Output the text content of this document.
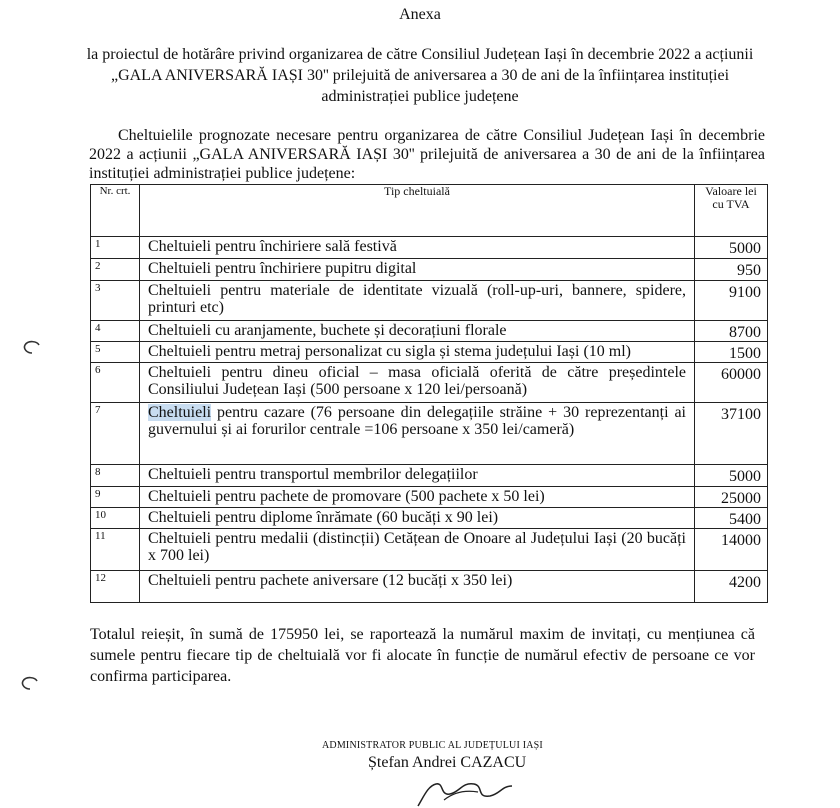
Anexa
la proiectul de hotărâre privind organizarea de către Consiliul Județean Iași în decembrie 2022 a acțiunii „GALA ANIVERSARĂ IAȘI 30'' prilejuită de aniversarea a 30 de ani de la înființarea instituției administrației publice județene
Cheltuielile prognozate necesare pentru organizarea de către Consiliul Județean Iași în decembrie 2022 a acțiunii „GALA ANIVERSARĂ IAȘI 30'' prilejuită de aniversarea a 30 de ani de la înființarea instituției administrației publice județene:
Nr. crt.	Tip cheltuială	Valoare lei cu TVA
1	Cheltuieli pentru închiriere sală festivă	5000
2	Cheltuieli pentru închiriere pupitru digital	950
3	Cheltuieli pentru materiale de identitate vizuală (roll-up-uri, bannere, spidere, printuri etc)	9100
4	Cheltuieli cu aranjamente, buchete și decorațiuni florale	8700
5	Cheltuieli pentru metraj personalizat cu sigla și stema județului Iași (10 ml)	1500
6	Cheltuieli pentru dineu oficial – masa oficială oferită de către președintele Consiliului Județean Iași (500 persoane x 120 lei/persoană)	60000
7	Cheltuieli pentru cazare (76 persoane din delegațiile străine + 30 reprezentanți ai guvernului și ai forurilor centrale =106 persoane x 350 lei/cameră)	37100
8	Cheltuieli pentru transportul membrilor delegațiilor	5000
9	Cheltuieli pentru pachete de promovare (500 pachete x 50 lei)	25000
10	Cheltuieli pentru diplome înrămate (60 bucăți x 90 lei)	5400
11	Cheltuieli pentru medalii (distincții) Cetățean de Onoare al Județului Iași (20 bucăți x 700 lei)	14000
12	Cheltuieli pentru pachete aniversare (12 bucăți x 350 lei)	4200
Totalul reieșit, în sumă de 175950 lei, se raportează la numărul maxim de invitați, cu mențiunea că sumele pentru fiecare tip de cheltuială vor fi alocate în funcție de numărul efectiv de persoane ce vor confirma participarea.
ADMINISTRATOR PUBLIC AL JUDEȚULUI IAȘI
Ștefan Andrei CAZACU
